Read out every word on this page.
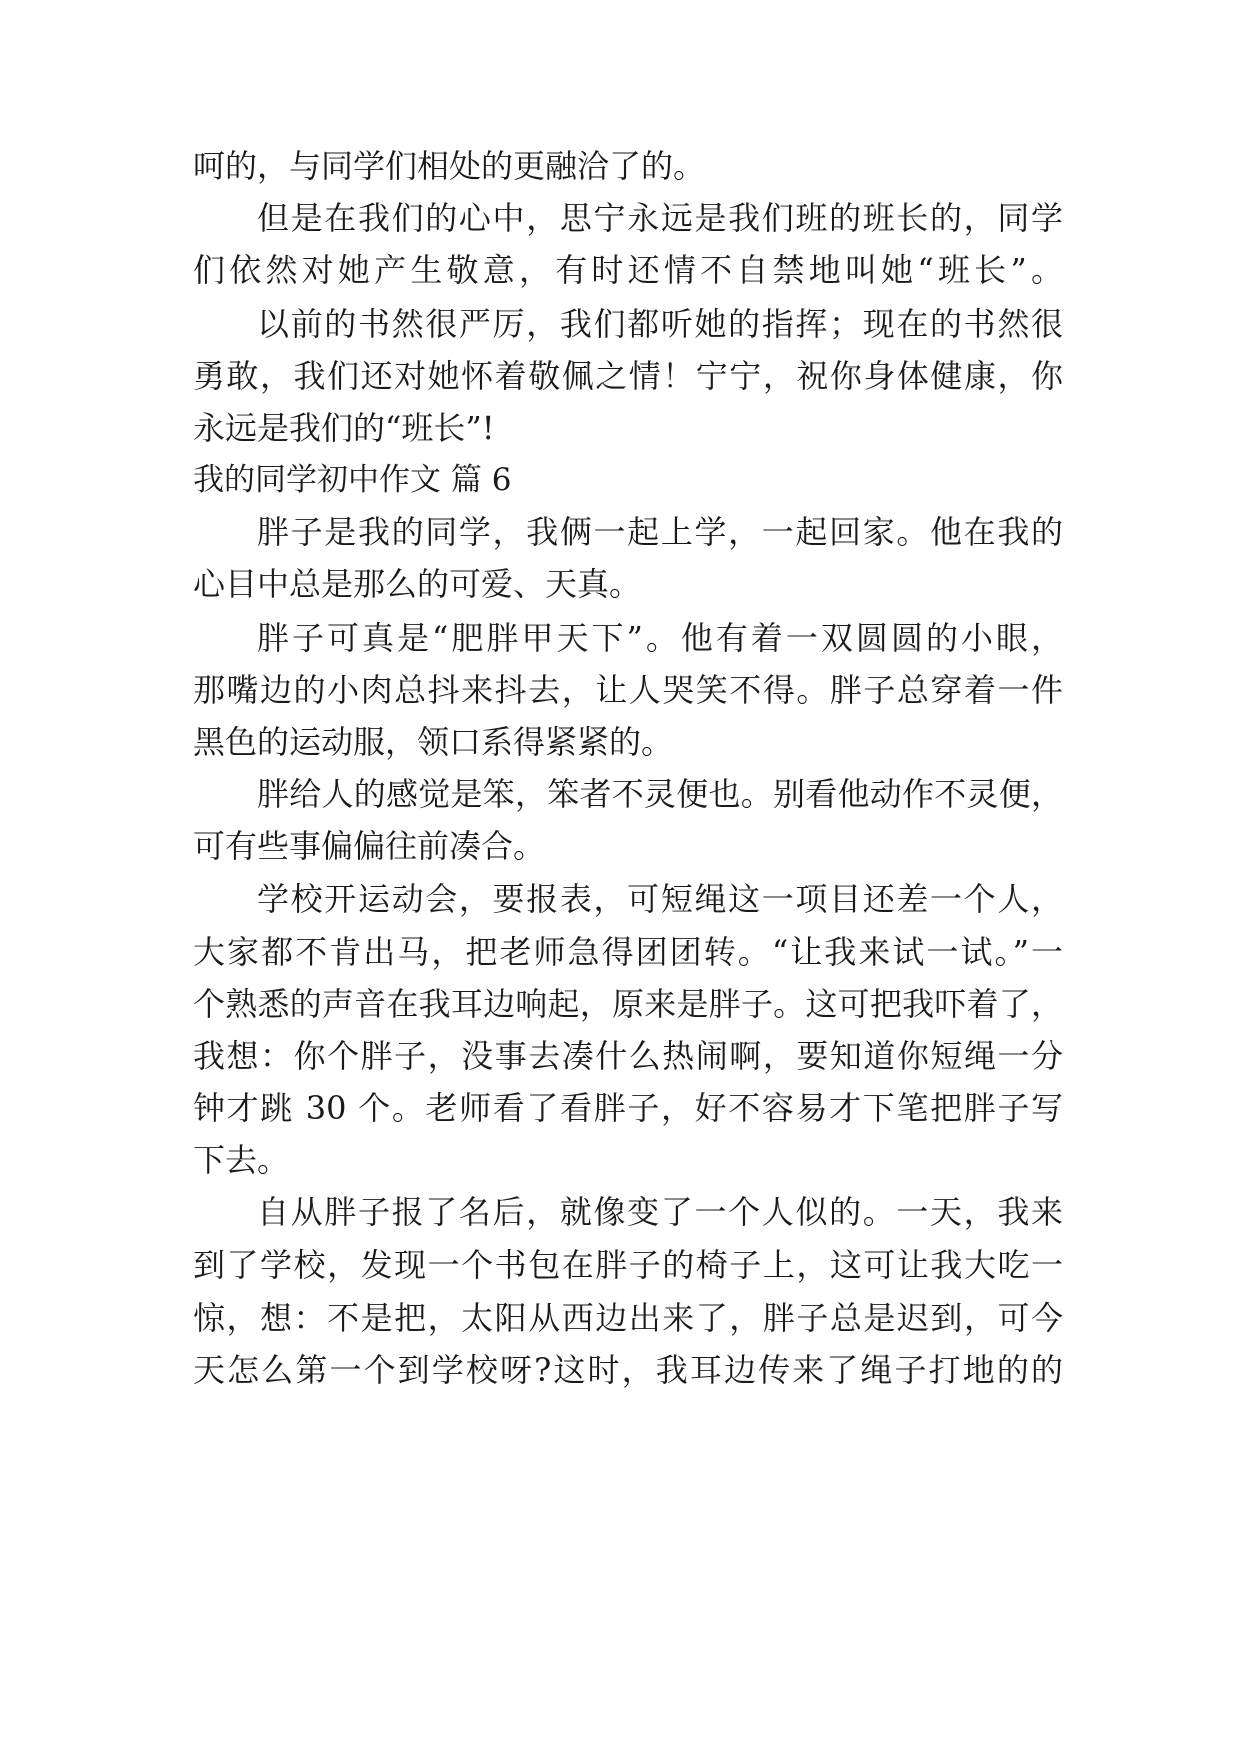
呵的，与同学们相处的更融洽了的。
但是在我们的心中，思宁永远是我们班的班长的，同学
们依然对她产生敬意，有时还情不自禁地叫她“班长”。
以前的书然很严厉，我们都听她的指挥；现在的书然很
勇敢，我们还对她怀着敬佩之情！宁宁，祝你身体健康，你
永远是我们的“班长”!
我的同学初中作文 篇 6
胖子是我的同学，我俩一起上学，一起回家。他在我的
心目中总是那么的可爱、天真。
胖子可真是“肥胖甲天下”。他有着一双圆圆的小眼，
那嘴边的小肉总抖来抖去，让人哭笑不得。胖子总穿着一件
黑色的运动服，领口系得紧紧的。
胖给人的感觉是笨，笨者不灵便也。别看他动作不灵便，
可有些事偏偏往前凑合。
学校开运动会，要报表，可短绳这一项目还差一个人，
大家都不肯出马，把老师急得团团转。“让我来试一试。”一
个熟悉的声音在我耳边响起，原来是胖子。这可把我吓着了，
我想：你个胖子，没事去凑什么热闹啊，要知道你短绳一分
钟才跳 30 个。老师看了看胖子，好不容易才下笔把胖子写
下去。
自从胖子报了名后，就像变了一个人似的。一天，我来
到了学校，发现一个书包在胖子的椅子上，这可让我大吃一
惊，想：不是把，太阳从西边出来了，胖子总是迟到，可今
天怎么第一个到学校呀?这时，我耳边传来了绳子打地的的
